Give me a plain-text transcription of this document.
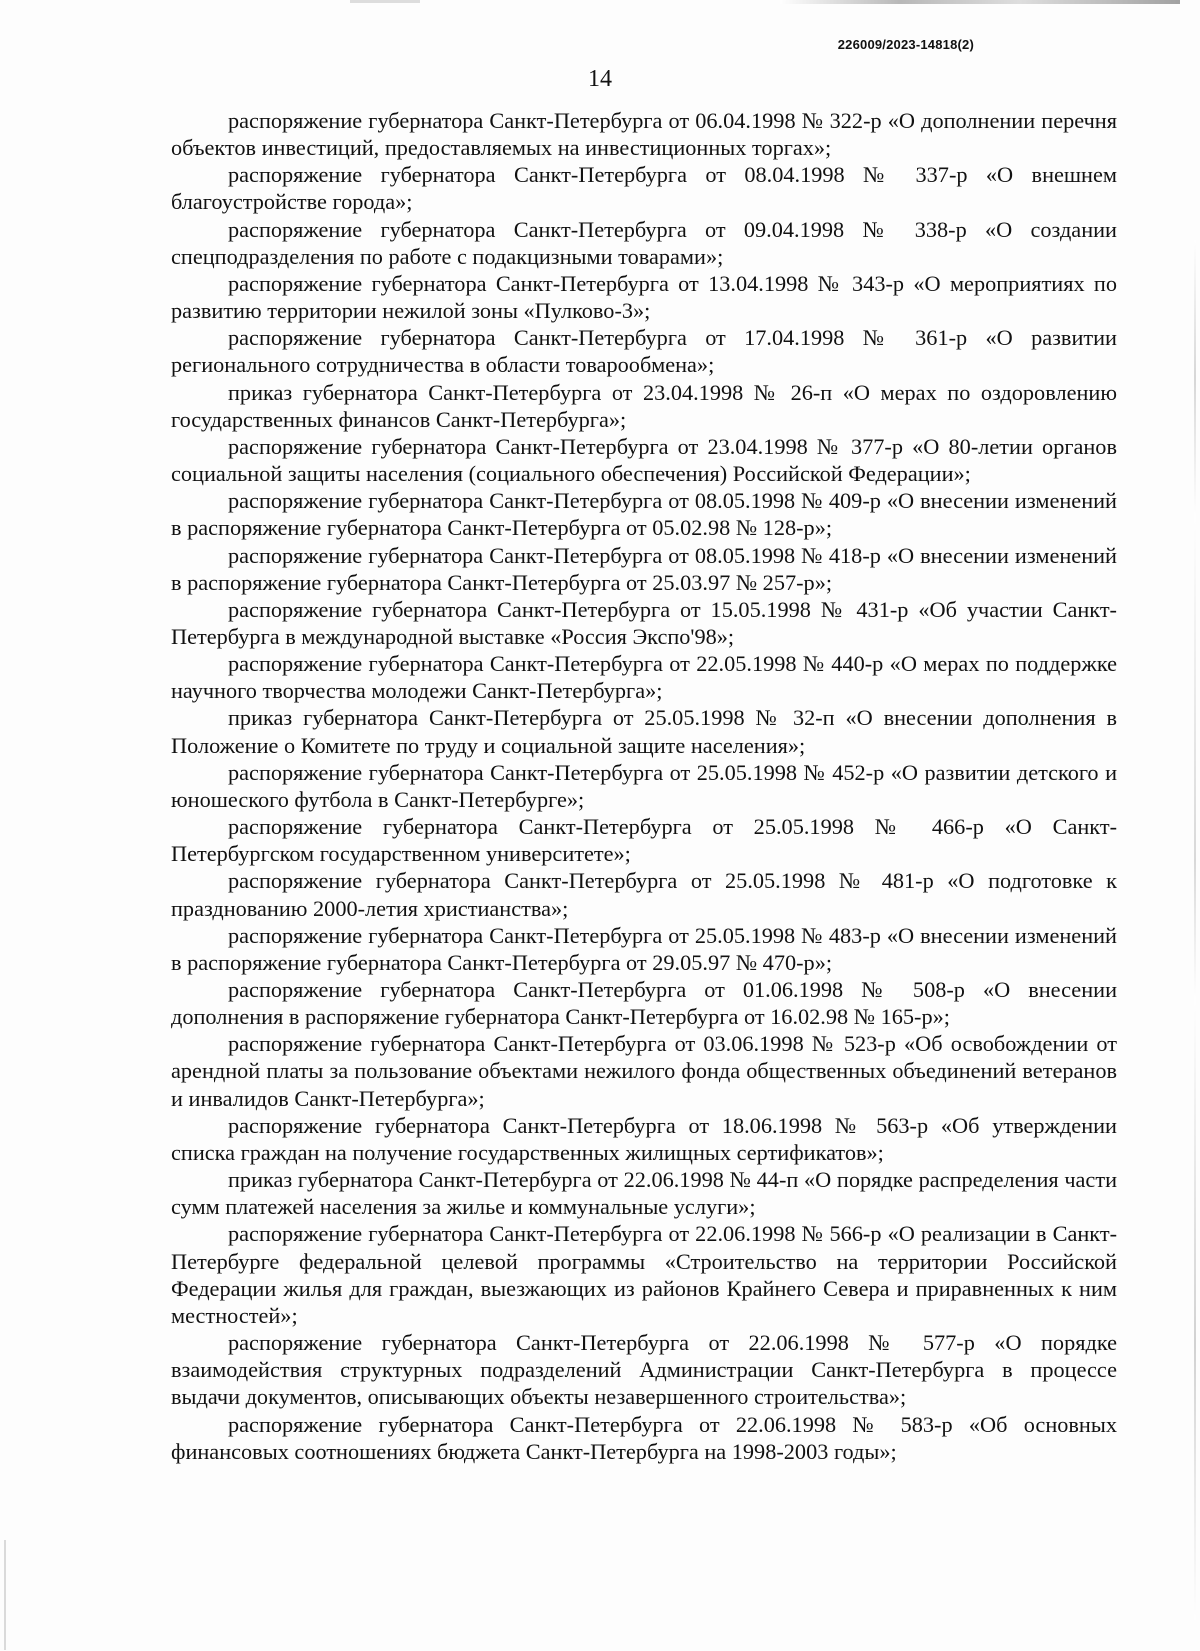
226009/2023-14818(2)
14

распоряжение губернатора Санкт-Петербурга от 06.04.1998 № 322-р «О дополнении перечня объектов инвестиций, предоставляемых на инвестиционных торгах»;

распоряжение губернатора Санкт-Петербурга от 08.04.1998 № 337-р «О внешнем благоустройстве города»;

распоряжение губернатора Санкт-Петербурга от 09.04.1998 № 338-р «О создании спецподразделения по работе с подакцизными товарами»;

распоряжение губернатора Санкт-Петербурга от 13.04.1998 № 343-р «О мероприятиях по развитию территории нежилой зоны «Пулково-3»;

распоряжение губернатора Санкт-Петербурга от 17.04.1998 № 361-р «О развитии регионального сотрудничества в области товарообмена»;

приказ губернатора Санкт-Петербурга от 23.04.1998 № 26-п «О мерах по оздоровлению государственных финансов Санкт-Петербурга»;

распоряжение губернатора Санкт-Петербурга от 23.04.1998 № 377-р «О 80-летии органов социальной защиты населения (социального обеспечения) Российской Федерации»;

распоряжение губернатора Санкт-Петербурга от 08.05.1998 № 409-р «О внесении изменений в распоряжение губернатора Санкт-Петербурга от 05.02.98 № 128-р»;

распоряжение губернатора Санкт-Петербурга от 08.05.1998 № 418-р «О внесении изменений в распоряжение губернатора Санкт-Петербурга от 25.03.97 № 257-р»;

распоряжение губернатора Санкт-Петербурга от 15.05.1998 № 431-р «Об участии Санкт-Петербурга в международной выставке «Россия Экспо'98»;

распоряжение губернатора Санкт-Петербурга от 22.05.1998 № 440-р «О мерах по поддержке научного творчества молодежи Санкт-Петербурга»;

приказ губернатора Санкт-Петербурга от 25.05.1998 № 32-п «О внесении дополнения в Положение о Комитете по труду и социальной защите населения»;

распоряжение губернатора Санкт-Петербурга от 25.05.1998 № 452-р «О развитии детского и юношеского футбола в Санкт-Петербурге»;

распоряжение губернатора Санкт-Петербурга от 25.05.1998 № 466-р «О Санкт-Петербургском государственном университете»;

распоряжение губернатора Санкт-Петербурга от 25.05.1998 № 481-р «О подготовке к празднованию 2000-летия христианства»;

распоряжение губернатора Санкт-Петербурга от 25.05.1998 № 483-р «О внесении изменений в распоряжение губернатора Санкт-Петербурга от 29.05.97 № 470-р»;

распоряжение губернатора Санкт-Петербурга от 01.06.1998 № 508-р «О внесении дополнения в распоряжение губернатора Санкт-Петербурга от 16.02.98 № 165-р»;

распоряжение губернатора Санкт-Петербурга от 03.06.1998 № 523-р «Об освобождении от арендной платы за пользование объектами нежилого фонда общественных объединений ветеранов и инвалидов Санкт-Петербурга»;

распоряжение губернатора Санкт-Петербурга от 18.06.1998 № 563-р «Об утверждении списка граждан на получение государственных жилищных сертификатов»;

приказ губернатора Санкт-Петербурга от 22.06.1998 № 44-п «О порядке распределения части сумм платежей населения за жилье и коммунальные услуги»;

распоряжение губернатора Санкт-Петербурга от 22.06.1998 № 566-р «О реализации в Санкт-Петербурге федеральной целевой программы «Строительство на территории Российской Федерации жилья для граждан, выезжающих из районов Крайнего Севера и приравненных к ним местностей»;

распоряжение губернатора Санкт-Петербурга от 22.06.1998 № 577-р «О порядке взаимодействия структурных подразделений Администрации Санкт-Петербурга в процессе выдачи документов, описывающих объекты незавершенного строительства»;

распоряжение губернатора Санкт-Петербурга от 22.06.1998 № 583-р «Об основных финансовых соотношениях бюджета Санкт-Петербурга на 1998-2003 годы»;
